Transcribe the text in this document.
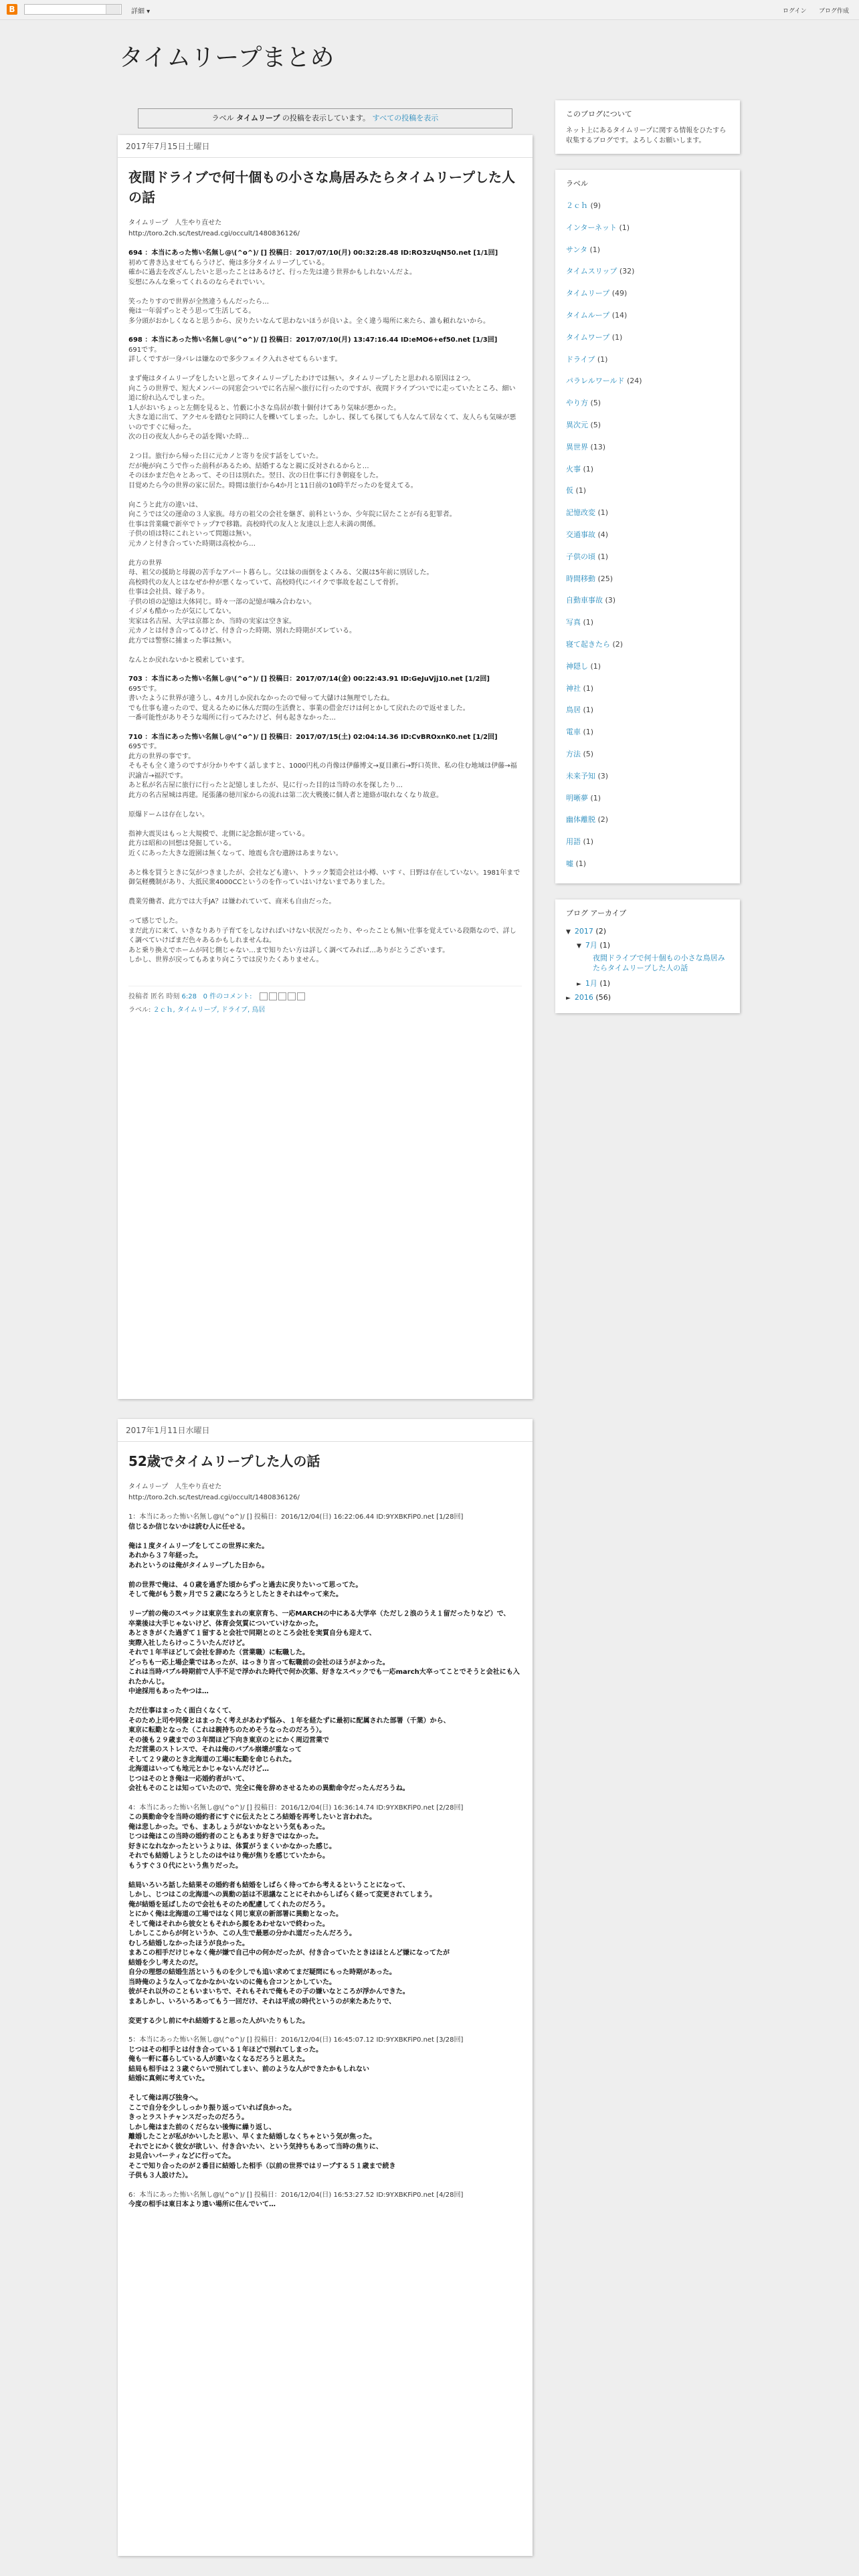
B	詳細 ▾	ログイン ブログ作成
タイムリープまとめ
ラベル タイムリープ の投稿を表示しています。 すべての投稿を表示
2017年7月15日土曜日
夜間ドライブで何十個もの小さな鳥居みたらタイムリープした人の話
タイムリープ　人生やり直せた
http://toro.2ch.sc/test/read.cgi/occult/1480836126/
694 ：本当にあった怖い名無し@\(^o^)/ [] 投稿日：2017/07/10(月) 00:32:28.48 ID:RO3zUqN50.net [1/1回]
初めて書き込ませてもらうけど、俺は多分タイムリープしている。
確かに過去を改ざんしたいと思ったことはあるけど、行った先は違う世界かもしれないんだよ。
妄想にみんな乗ってくれるのならそれでいい。

笑ったりすので世界が全然違うもんだったら…
俺は一年弱ずっとそう思って生活してる。
多分頭がおかしくなると思うから、戻りたいなんて思わないほうが良いよ。全く違う場所に来たら、誰も頼れないから。
698 ：本当にあった怖い名無し@\(^o^)/ [] 投稿日：2017/07/10(月) 13:47:16.44 ID:eMO6+ef50.net [1/3回]
691です。
詳しくですが一身バレは嫌なので多少フェイク入れさせてもらいます。

まず俺はタイムリープをしたいと思ってタイムリープしたわけでは無い。タイムリープしたと思われる原因は２つ。
向こうの世界で、短大メンバーの同窓会ついでに名古屋へ旅行に行ったのですが、夜間ドライブついでに走っていたところ、細い道に紛れ込んでしまった。
1人がおいちょっと左側を見ると、竹藪に小さな鳥居が数十個付けてあり気味が悪かった。
大きな道に出て、アクセルを踏むと同時に人を轢いてしまった。しかし、探しても探しても人なんて居なくて、友人らも気味が悪いのですぐに帰った。
次の日の夜友人からその話を聞いた時…

２つ目。旅行から帰った日に元カノと寄りを戻す話をしていた。
だが俺が向こうで作った前科があるため、結婚するなと親に反対されるからと…
そのほかまだ色々とあって、その日は別れた。翌日、次の日仕事に行き朝寝をした。
目覚めたら今の世界の家に居た。時間は旅行から4か月と11日前の10時半だったのを覚えてる。

向こうと此方の違いは、
向こうでは父の運命の３人家族。母方の祖父の会社を継ぎ、前科というか、少年院に居たことが有る犯罪者。
仕事は営業職で新卒でトップ7で移籍。高校時代の友人と友達以上恋人未満の関係。
子供の頃は特にこれといって問題は無い。
元カノと付き合っていた時期は高校から…

此方の世界
母、祖父の援助と母親の苦手なアパート暮らし。父は妹の面倒をよくみる、父親は5年前に別居した。
高校時代の友人とはなぜか仲が悪くなっていて、高校時代にバイクで事故を起こして骨折。
仕事は会社員、嫁子あり。
子供の頃の記憶は大体同じ。時々一部の記憶が噛み合わない。
イジメも酷かったが気にしてない。
実家は名古屋、大学は京都とか、当時の実家は空き家。
元カノとは付き合ってるけど、付き合った時期、別れた時期がズレている。
此方では警察に捕まった事は無い。

なんとか戻れないかと模索しています。
703 ：本当にあった怖い名無し@\(^o^)/ [] 投稿日：2017/07/14(金) 00:22:43.91 ID:GeJuVjj10.net [1/2回]
695です。
書いたように世界が違うし、4カ月しか戻れなかったので帰って大儲けは無理でしたね。
でも仕事も違ったので、覚えるために休んだ間の生活費と、事業の借金だけは何とかして戻れたので返せました。
一番可能性がありそうな場所に行ってみたけど、何も起きなかった…
710 ：本当にあった怖い名無し@\(^o^)/ [] 投稿日：2017/07/15(土) 02:04:14.36 ID:CvBROxnK0.net [1/2回]
695です。
此方の世界の事です。
そもそも全く違うのですが分かりやすく話しますと、1000円札の肖像は伊藤博文→夏目漱石→野口英世、私の住む地域は伊藤→福沢諭吉→福沢です。
あと私が名古屋に旅行に行ったと記憶しましたが、見に行った目的は当時の水を探したり…
此方の名古屋城は再建。尾張藩の徳川家からの流れは第二次大戦後に個人者と連絡が取れなくなり故意。

原爆ドームは存在しない。

指神大震災はもっと大規模で、北側に記念館が建っている。
此方は昭和の回想は発掘している。
近くにあった大きな遊園は無くなって、地震も含む遺跡はあまりない。

あと株を買うときに気がつきましたが、会社なども違い、トラック製造会社は小樽、いすゞ、日野は存在していない。1981年まで御気軽機制があり、大抵民衆4000CCというのを作っていはいけないまでありました。

農業労働者、此方では大手JA？は嫌われていて、商米も自由だった。

って感じでした。
まだ此方に来て、いきなりあり子育てをしなければいけない状況だったり、やったことも無い仕事を覚えている段階なので、詳しく調べていけばまだ色々あるかもしれませんね。
あと乗り換えでホームが同じ側じゃない…まで知りたい方は詳しく調べてみれば…ありがとうございます。
しかし、世界が戻ってもあまり向こうでは戻りたくありません。
投稿者 匿名 時刻 6:28 0 件のコメント:
ラベル: ２ｃｈ, タイムリープ, ドライブ, 鳥居
2017年1月11日水曜日
52歳でタイムリープした人の話
タイムリープ　人生やり直せた
http://toro.2ch.sc/test/read.cgi/occult/1480836126/
1：本当にあった怖い名無し@\(^o^)/ [] 投稿日：2016/12/04(日) 16:22:06.44 ID:9YXBKFiP0.net [1/28回]
信じるか信じないかは読む人に任せる。

俺は１度タイムリープをしてこの世界に来た。
あれから３７年経った。
あれというのは俺がタイムリープした日から。

前の世界で俺は、４０歳を過ぎた頃からずっと過去に戻りたいって思ってた。
そして俺がもう数ヶ月で５２歳になろうとしたときそれはやって来た。

リープ前の俺のスペックは東京生まれの東京育ち、一応MARCHの中にある大学卒（ただし２浪のうえ１留だったりなど）で、
卒業後は大手じゃないけど、体育会気質についていけなかった。
あとさきがくた過ぎて１留すると会社で同期とのところ会社を実質自分も迎えて、
実際入社したらけっこういたんだけど。
それで１年半ほどして会社を辞めた（営業職）に転職した。
どっちも一応上場企業ではあったが、はっきり言って転職前の会社のほうがよかった。
これは当時バブル時期前で人手不足で浮かれた時代で何か次第、好きなスペックでも一応march大卒ってことでそうと会社にも入れたかんじ。
中途採用もあったやつは…

ただ仕事はまったく面白くなくて、
そのため上司や同僚とはまったく考えがあわず悩み、１年を経たずに最初に配属された部署（千葉）から、
東京に転勤となった（これは親持ちのためそうなったのだろう）。
その後も２９歳までの３年間ほど下向き東京のとにかく周辺営業で
ただ営業のストレスで、それは俺のバブル崩壊が重なって
そして２９歳のとき北海道の工場に転勤を命じられた。
北海道はいっても地元とかじゃないんだけど…
じつはそのとき俺は一応婚約者がいて、
会社もそのことは知っていたので、完全に俺を辞めさせるための異動命令だったんだろうね。
4：本当にあった怖い名無し@\(^o^)/ [] 投稿日：2016/12/04(日) 16:36:14.74 ID:9YXBKFiP0.net [2/28回]
この異動命令を当時の婚約者にすぐに伝えたところ結婚を再考したいと言われた。
俺は悲しかった。でも、まあしょうがないかなという気もあった。
じつは俺はこの当時の婚約者のこともあまり好きではなかった。
好きになれなかったというよりは、体質がうまくいかなかった感じ。
それでも結婚しようとしたのはやはり俺が焦りを感じていたから。
もうすぐ３０代にという焦りだった。

結局いろいろ話した結果その婚約者も結婚をしばらく待ってから考えるということになって、
しかし、じつはこの北海道への異動の話は不思議なことにそれからしばらく経って変更されてしまう。
俺が結婚を延ばしたので会社もそのため配慮してくれたのだろう。
とにかく俺は北海道の工場ではなく同じ東京の新部署に異動となった。
そして俺はそれから彼女ともそれから顔をあわせないで終わった。
しかしここからが何というか、この人生で最悪の分かれ道だったんだろう。
むしろ結婚しなかったほうが良かった。
まあこの相手だけじゃなく俺が嫌で自己中の何かだったが、付き合っていたときはほとんど嫌になってたが
結婚を少し考えたのだ。
自分の理想の結婚生活というものを少しでも追い求めてまだ疑問にもった時期があった。
当時俺のような人ってなかなかいないのに俺も合コンとかしていた。
彼がそれ以外のこともいまいちで、それもそれで俺もその子の嫌いなところが浮かんできた。
まあしかし、いろいろあってもう一回だけ、それは平成の時代というのが来たあたりで、

変更する少し前にやれ結婚すると思った人がいたりもした。
5：本当にあった怖い名無し@\(^o^)/ [] 投稿日：2016/12/04(日) 16:45:07.12 ID:9YXBKFiP0.net [3/28回]
じつはその相手とは付き合っている１年ほどで別れてしまった。
俺も一軒に暮らしている人が違いなくなるだろうと思えた。
結局も相手は２３歳ぐらいで別れてしまい、前のような人ができたかもしれない
結婚に真剣に考えていた。

そして俺は再び独身へ。
ここで自分を少ししっかり振り返っていれば良かった。
きっとラストチャンスだったのだろう。
しかし俺はまた前のくだらない後悔に繰り返し、
離婚したことが私がかいしたと思い、早くまた結婚しなくちゃという気が焦った。
それでとにかく彼女が欲しい、付き合いたい、という気持ちもあって当時の焦りに、
お見合いパーティなどに行ってた。
そこで知り合ったのが２番目に結婚した相手（以前の世界ではリープする５１歳まで続き
子供も３人設けた）。
6：本当にあった怖い名無し@\(^o^)/ [] 投稿日：2016/12/04(日) 16:53:27.52 ID:9YXBKFiP0.net [4/28回]
今度の相手は東日本より遠い場所に住んでいて…
このブログについて

ネット上にあるタイムリープに関する情報をひたすら収集するブログです。よろしくお願いします。

ラベル
２ｃｈ (9)
インターネット (1)
サンタ (1)
タイムスリップ (32)
タイムリープ (49)
タイムループ (14)
タイムワープ (1)
ドライブ (1)
パラレルワールド (24)
やり方 (5)
異次元 (5)
異世界 (13)
火事 (1)
仮 (1)
記憶改変 (1)
交通事故 (4)
子供の頃 (1)
時間移動 (25)
自動車事故 (3)
写真 (1)
寝て起きたら (2)
神隠し (1)
神社 (1)
鳥居 (1)
電車 (1)
方法 (5)
未来予知 (3)
明晰夢 (1)
幽体離脱 (2)
用語 (1)
嘘 (1)
ブログ アーカイブ
▼ 2017 (2)
▼ 7月 (1)
夜間ドライブで何十個もの小さな鳥居みたらタイムリープした人の話
► 1月 (1)
► 2016 (56)
